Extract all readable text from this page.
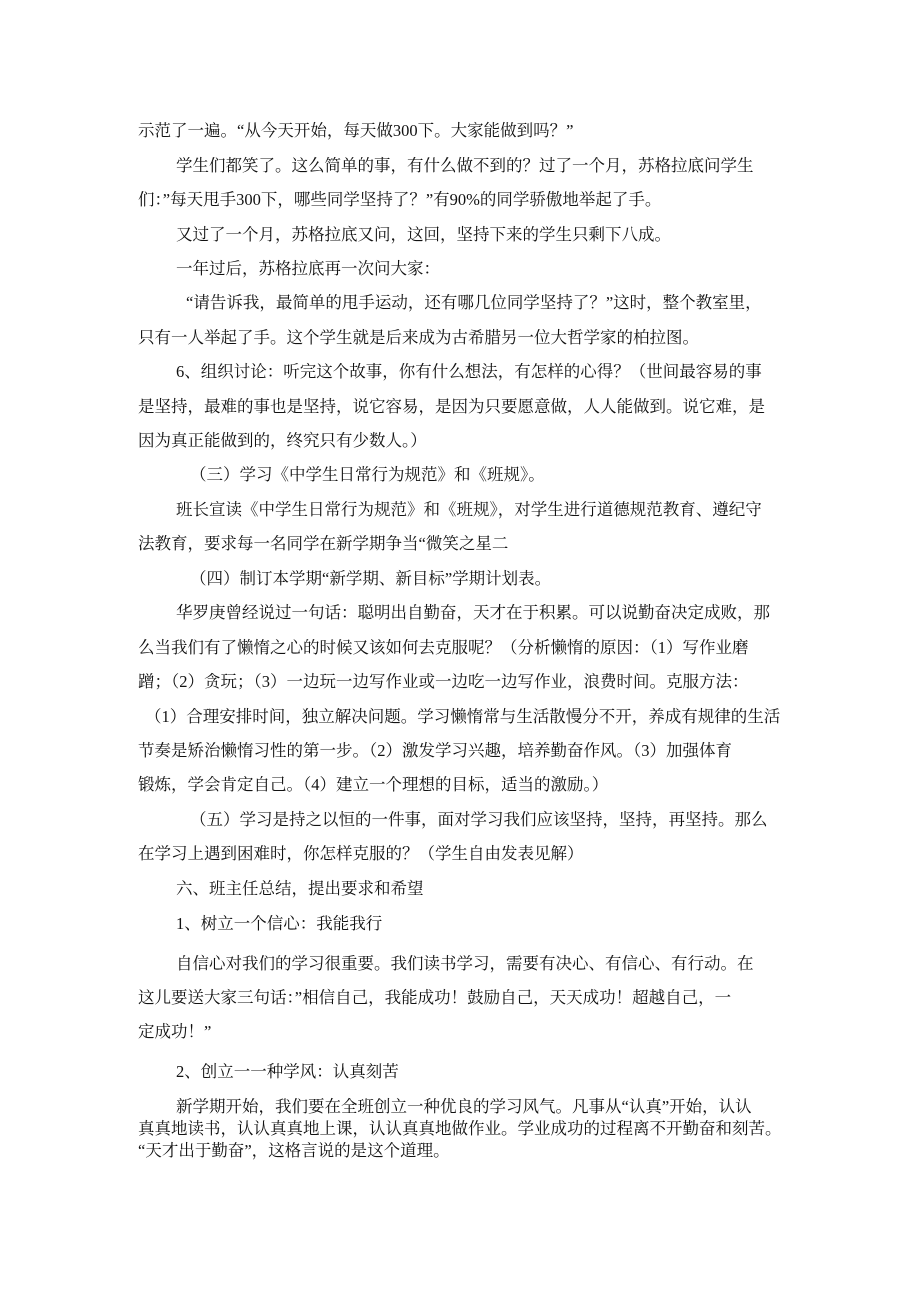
示范了一遍。“从今天开始，每天做300下。大家能做到吗？”
学生们都笑了。这么简单的事，有什么做不到的？过了一个月，苏格拉底问学生
们：”每天甩手300下，哪些同学坚持了？”有90%的同学骄傲地举起了手。
又过了一个月，苏格拉底又问，这回，坚持下来的学生只剩下八成。
一年过后，苏格拉底再一次问大家：
“请告诉我，最简单的甩手运动，还有哪几位同学坚持了？”这时，整个教室里，
只有一人举起了手。这个学生就是后来成为古希腊另一位大哲学家的柏拉图。
6、组织讨论：听完这个故事，你有什么想法，有怎样的心得？（世间最容易的事
是坚持，最难的事也是坚持，说它容易，是因为只要愿意做，人人能做到。说它难，是
因为真正能做到的，终究只有少数人。）
（三）学习《中学生日常行为规范》和《班规》。
班长宣读《中学生日常行为规范》和《班规》，对学生进行道德规范教育、遵纪守
法教育，要求每一名同学在新学期争当“微笑之星二
（四）制订本学期“新学期、新目标”学期计划表。
华罗庚曾经说过一句话：聪明出自勤奋，天才在于积累。可以说勤奋决定成败，那
么当我们有了懒惰之心的时候又该如何去克服呢？（分析懒惰的原因：（1）写作业磨
蹭；（2）贪玩；（3）一边玩一边写作业或一边吃一边写作业，浪费时间。克服方法：
（1）合理安排时间，独立解决问题。学习懒惰常与生活散慢分不开，养成有规律的生活
节奏是矫治懒惰习性的第一步。（2）激发学习兴趣，培养勤奋作风。（3）加强体育
锻炼，学会肯定自己。（4）建立一个理想的目标，适当的激励。）
（五）学习是持之以恒的一件事，面对学习我们应该坚持，坚持，再坚持。那么
在学习上遇到困难时，你怎样克服的？（学生自由发表见解）
六、班主任总结，提出要求和希望
1、树立一个信心：我能我行
自信心对我们的学习很重要。我们读书学习，需要有决心、有信心、有行动。在
这儿要送大家三句话：”相信自己，我能成功！鼓励自己，天天成功！超越自己，一
定成功！”
2、创立一一种学风：认真刻苦
新学期开始，我们要在全班创立一种优良的学习风气。凡事从“认真”开始，认认
真真地读书，认认真真地上课，认认真真地做作业。学业成功的过程离不开勤奋和刻苦。
“天才出于勤奋”，这格言说的是这个道理。
